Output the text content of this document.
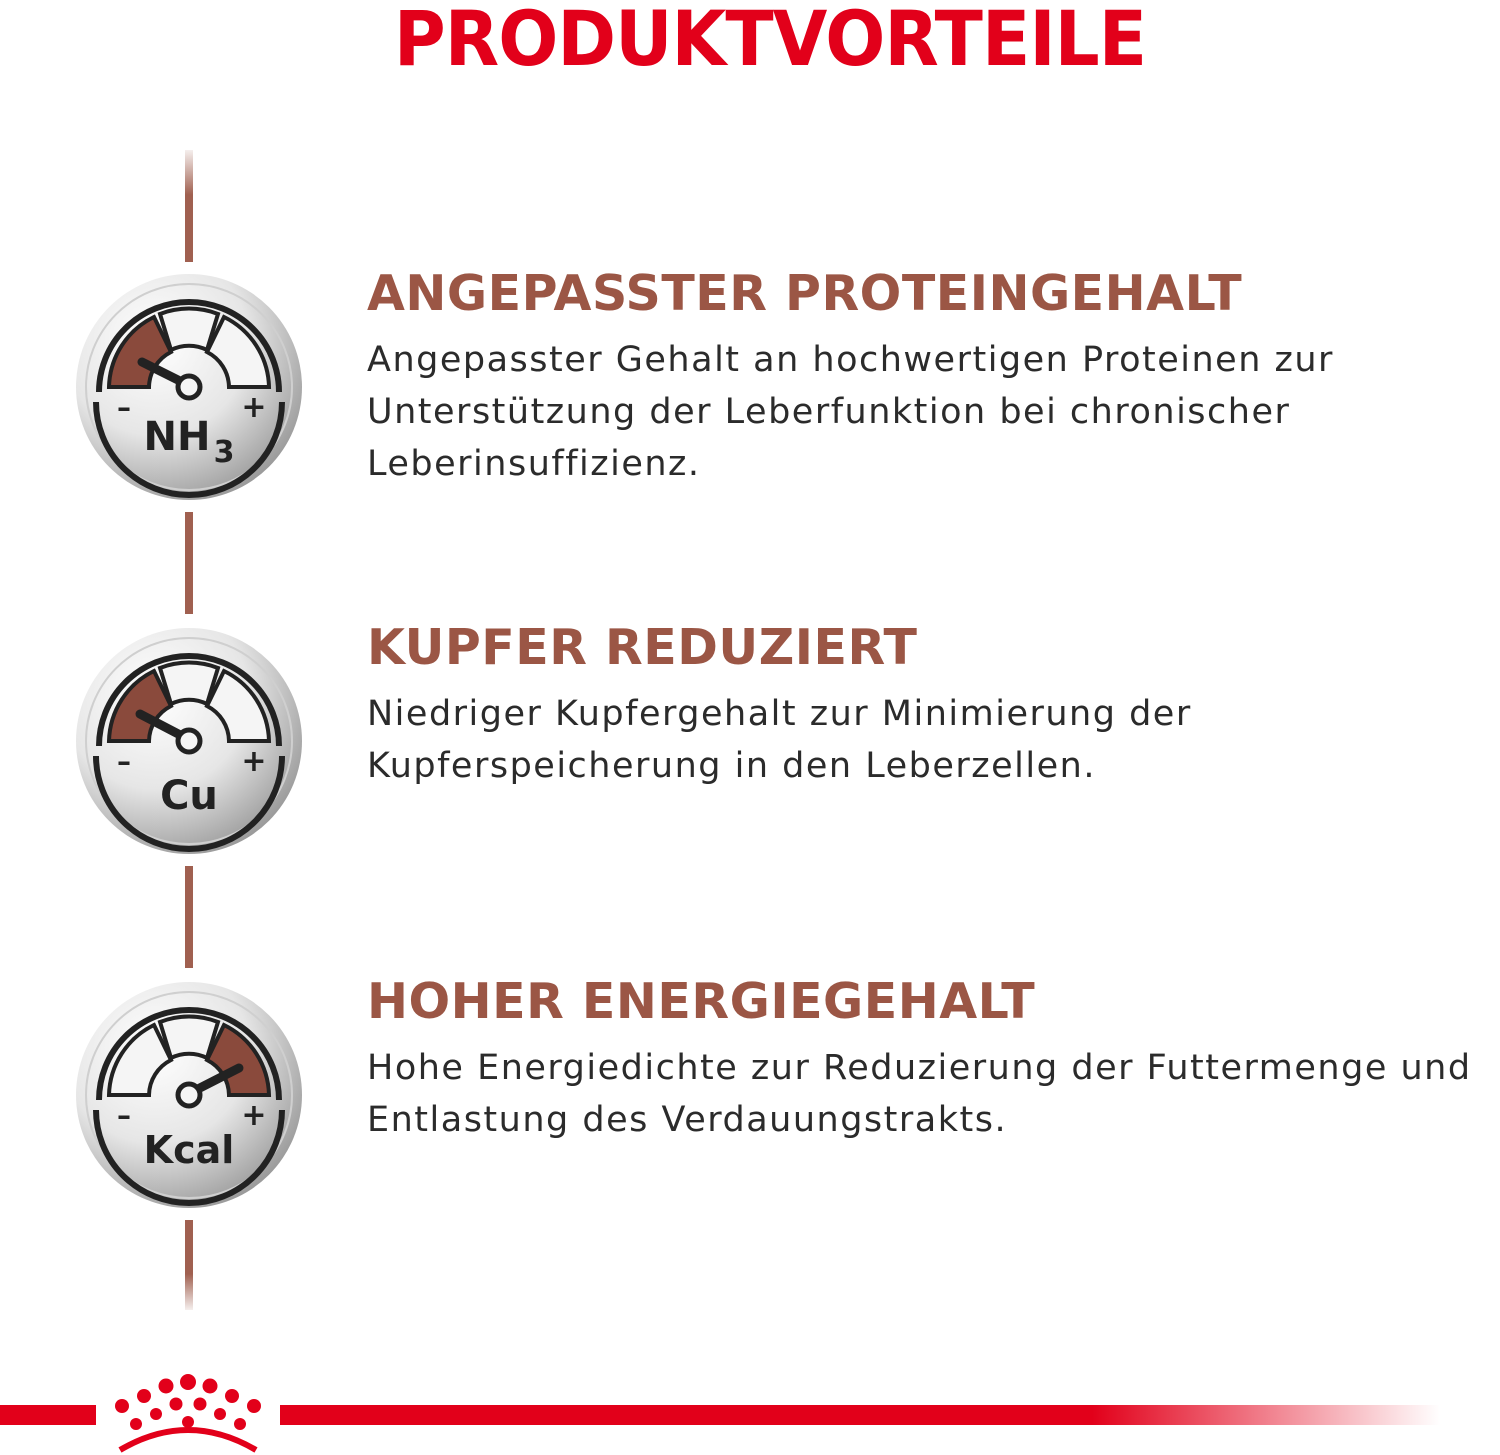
PRODUKTVORTEILE
–	+
NH 3
ANGEPASSTER PROTEINGEHALT

Angepasster Gehalt an hochwertigen Proteinen zur
Unterstützung der Leberfunktion bei chronischer
Leberinsuffizienz.

–	+
Cu
KUPFER REDUZIERT

Niedriger Kupfergehalt zur Minimierung der
Kupferspeicherung in den Leberzellen.

–	+
Kcal
HOHER ENERGIEGEHALT

Hohe Energiedichte zur Reduzierung der Futtermenge und
Entlastung des Verdauungstrakts.
